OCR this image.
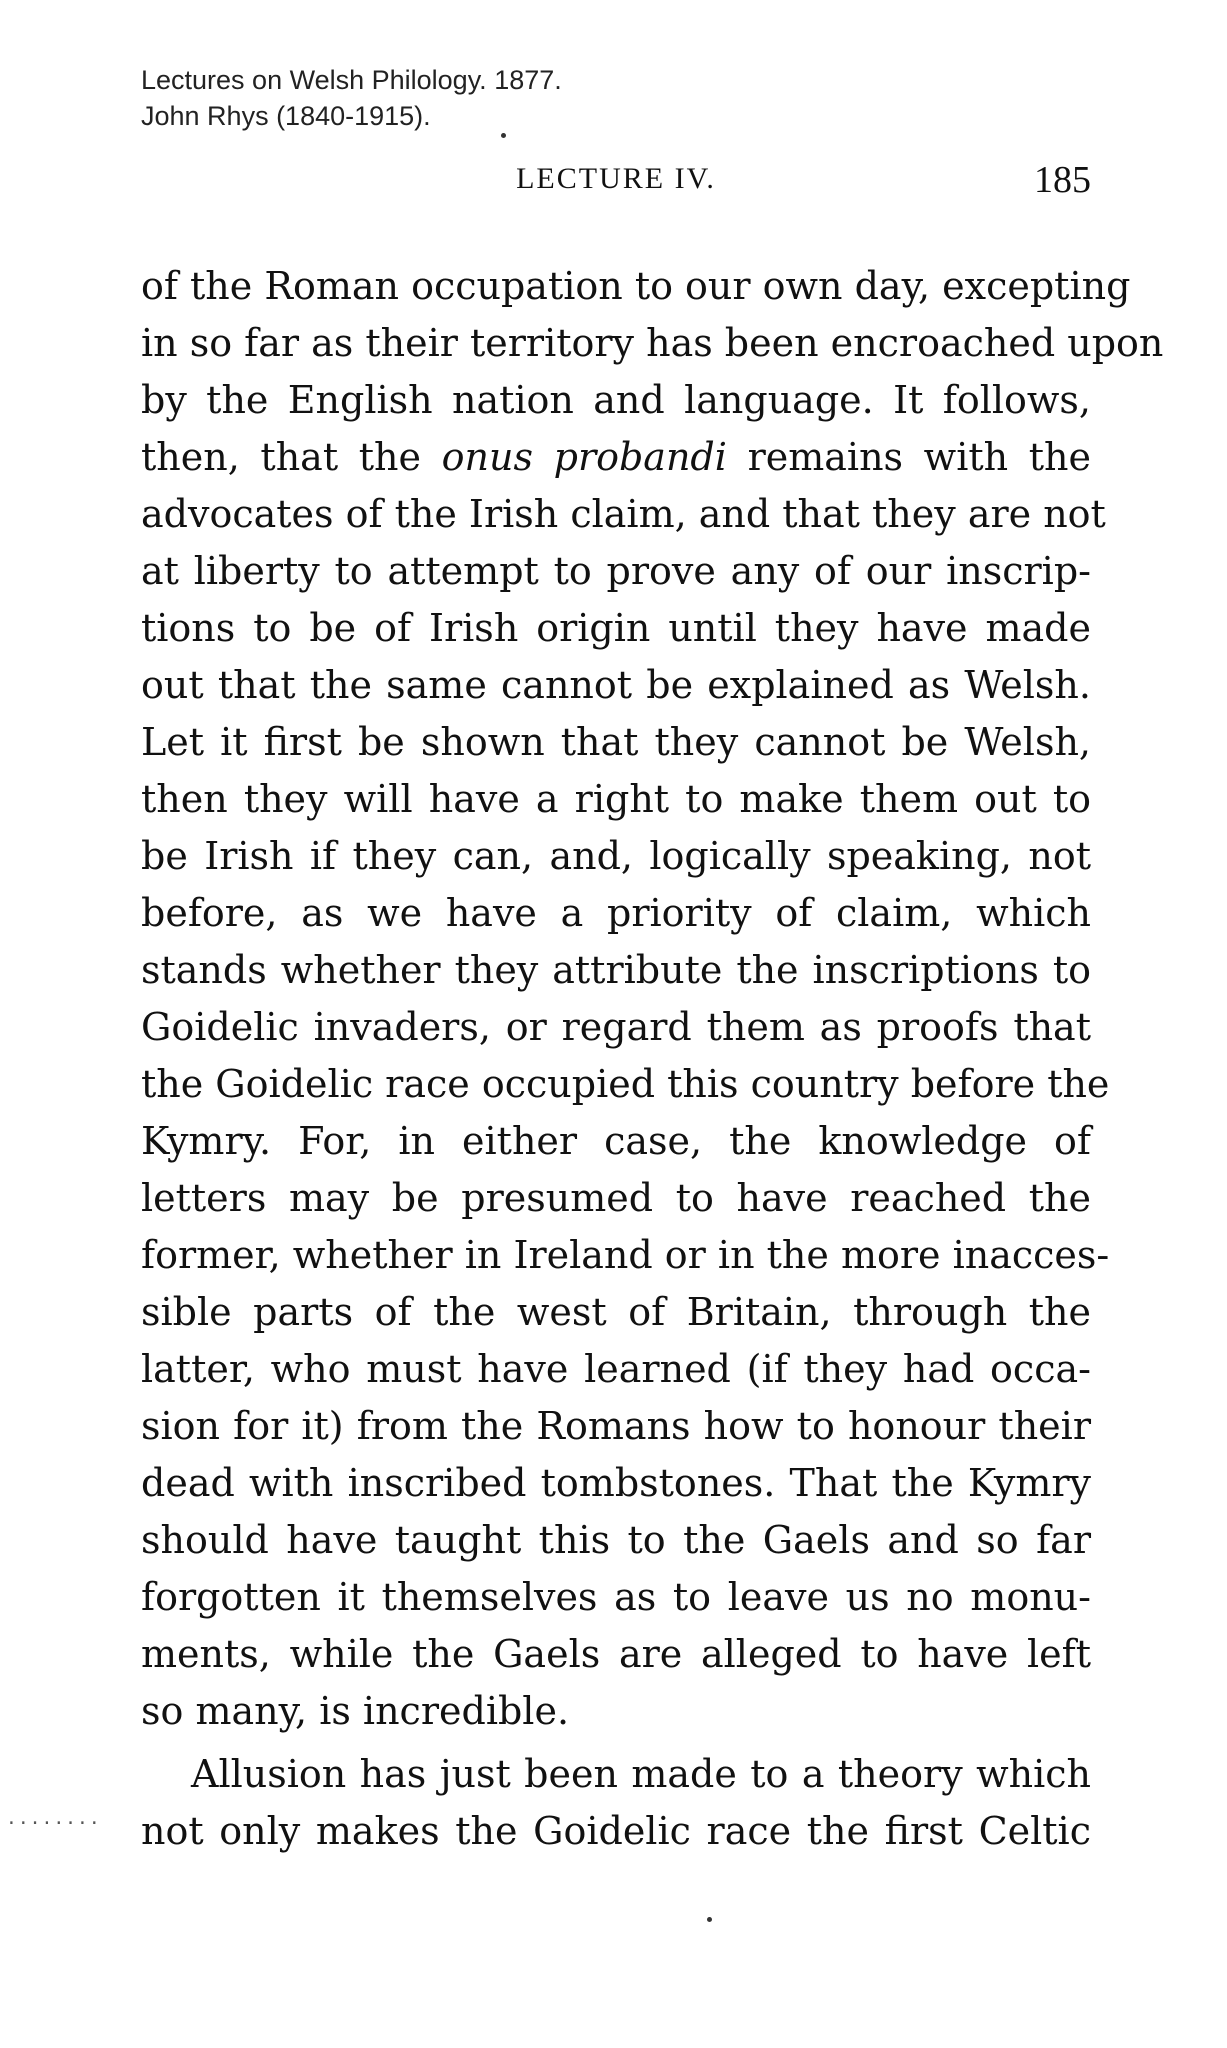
Lectures on Welsh Philology. 1877.
John Rhys (1840-1915).
LECTURE IV.	185
of the Roman occupation to our own day, excepting
in so far as their territory has been encroached upon
by the English nation and language. It follows,
then, that the onus probandi remains with the
advocates of the Irish claim, and that they are not
at liberty to attempt to prove any of our inscrip-
tions to be of Irish origin until they have made
out that the same cannot be explained as Welsh.
Let it first be shown that they cannot be Welsh,
then they will have a right to make them out to
be Irish if they can, and, logically speaking, not
before, as we have a priority of claim, which
stands whether they attribute the inscriptions to
Goidelic invaders, or regard them as proofs that
the Goidelic race occupied this country before the
Kymry. For, in either case, the knowledge of
letters may be presumed to have reached the
former, whether in Ireland or in the more inacces-
sible parts of the west of Britain, through the
latter, who must have learned (if they had occa-
sion for it) from the Romans how to honour their
dead with inscribed tombstones. That the Kymry
should have taught this to the Gaels and so far
forgotten it themselves as to leave us no monu-
ments, while the Gaels are alleged to have left
so many, is incredible.
Allusion has just been made to a theory which
not only makes the Goidelic race the first Celtic
........
